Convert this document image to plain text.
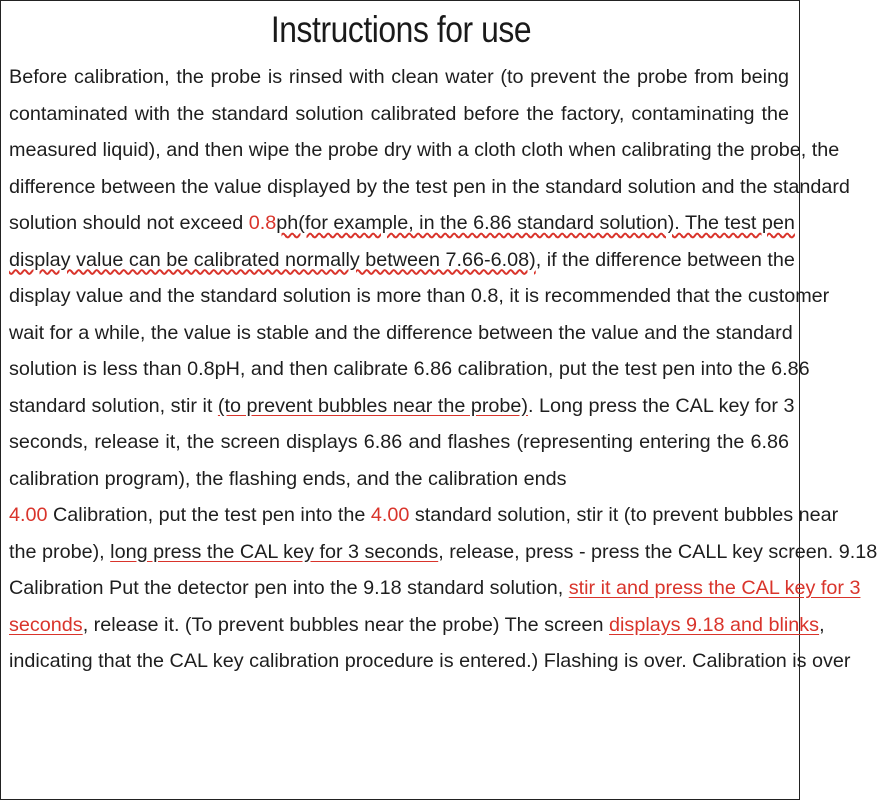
Instructions for use
Before calibration, the probe is rinsed with clean water (to prevent the probe from being
contaminated with the standard solution calibrated before the factory, contaminating the
measured liquid), and then wipe the probe dry with a cloth cloth when calibrating the probe, the
difference between the value displayed by the test pen in the standard solution and the standard
solution should not exceed 0.8ph(for example, in the 6.86 standard solution). The test pen
display value can be calibrated normally between 7.66-6.08), if the difference between the
display value and the standard solution is more than 0.8, it is recommended that the customer
wait for a while, the value is stable and the difference between the value and the standard
solution is less than 0.8pH, and then calibrate 6.86 calibration, put the test pen into the 6.86
standard solution, stir it (to prevent bubbles near the probe). Long press the CAL key for 3
seconds, release it, the screen displays 6.86 and flashes (representing entering the 6.86
calibration program), the flashing ends, and the calibration ends
4.00 Calibration, put the test pen into the 4.00 standard solution, stir it (to prevent bubbles near
the probe), long press the CAL key for 3 seconds, release, press - press the CALL key screen. 9.18
Calibration Put the detector pen into the 9.18 standard solution, stir it and press the CAL key for 3
seconds, release it. (To prevent bubbles near the probe) The screen displays 9.18 and blinks,
indicating that the CAL key calibration procedure is entered.) Flashing is over. Calibration is over
